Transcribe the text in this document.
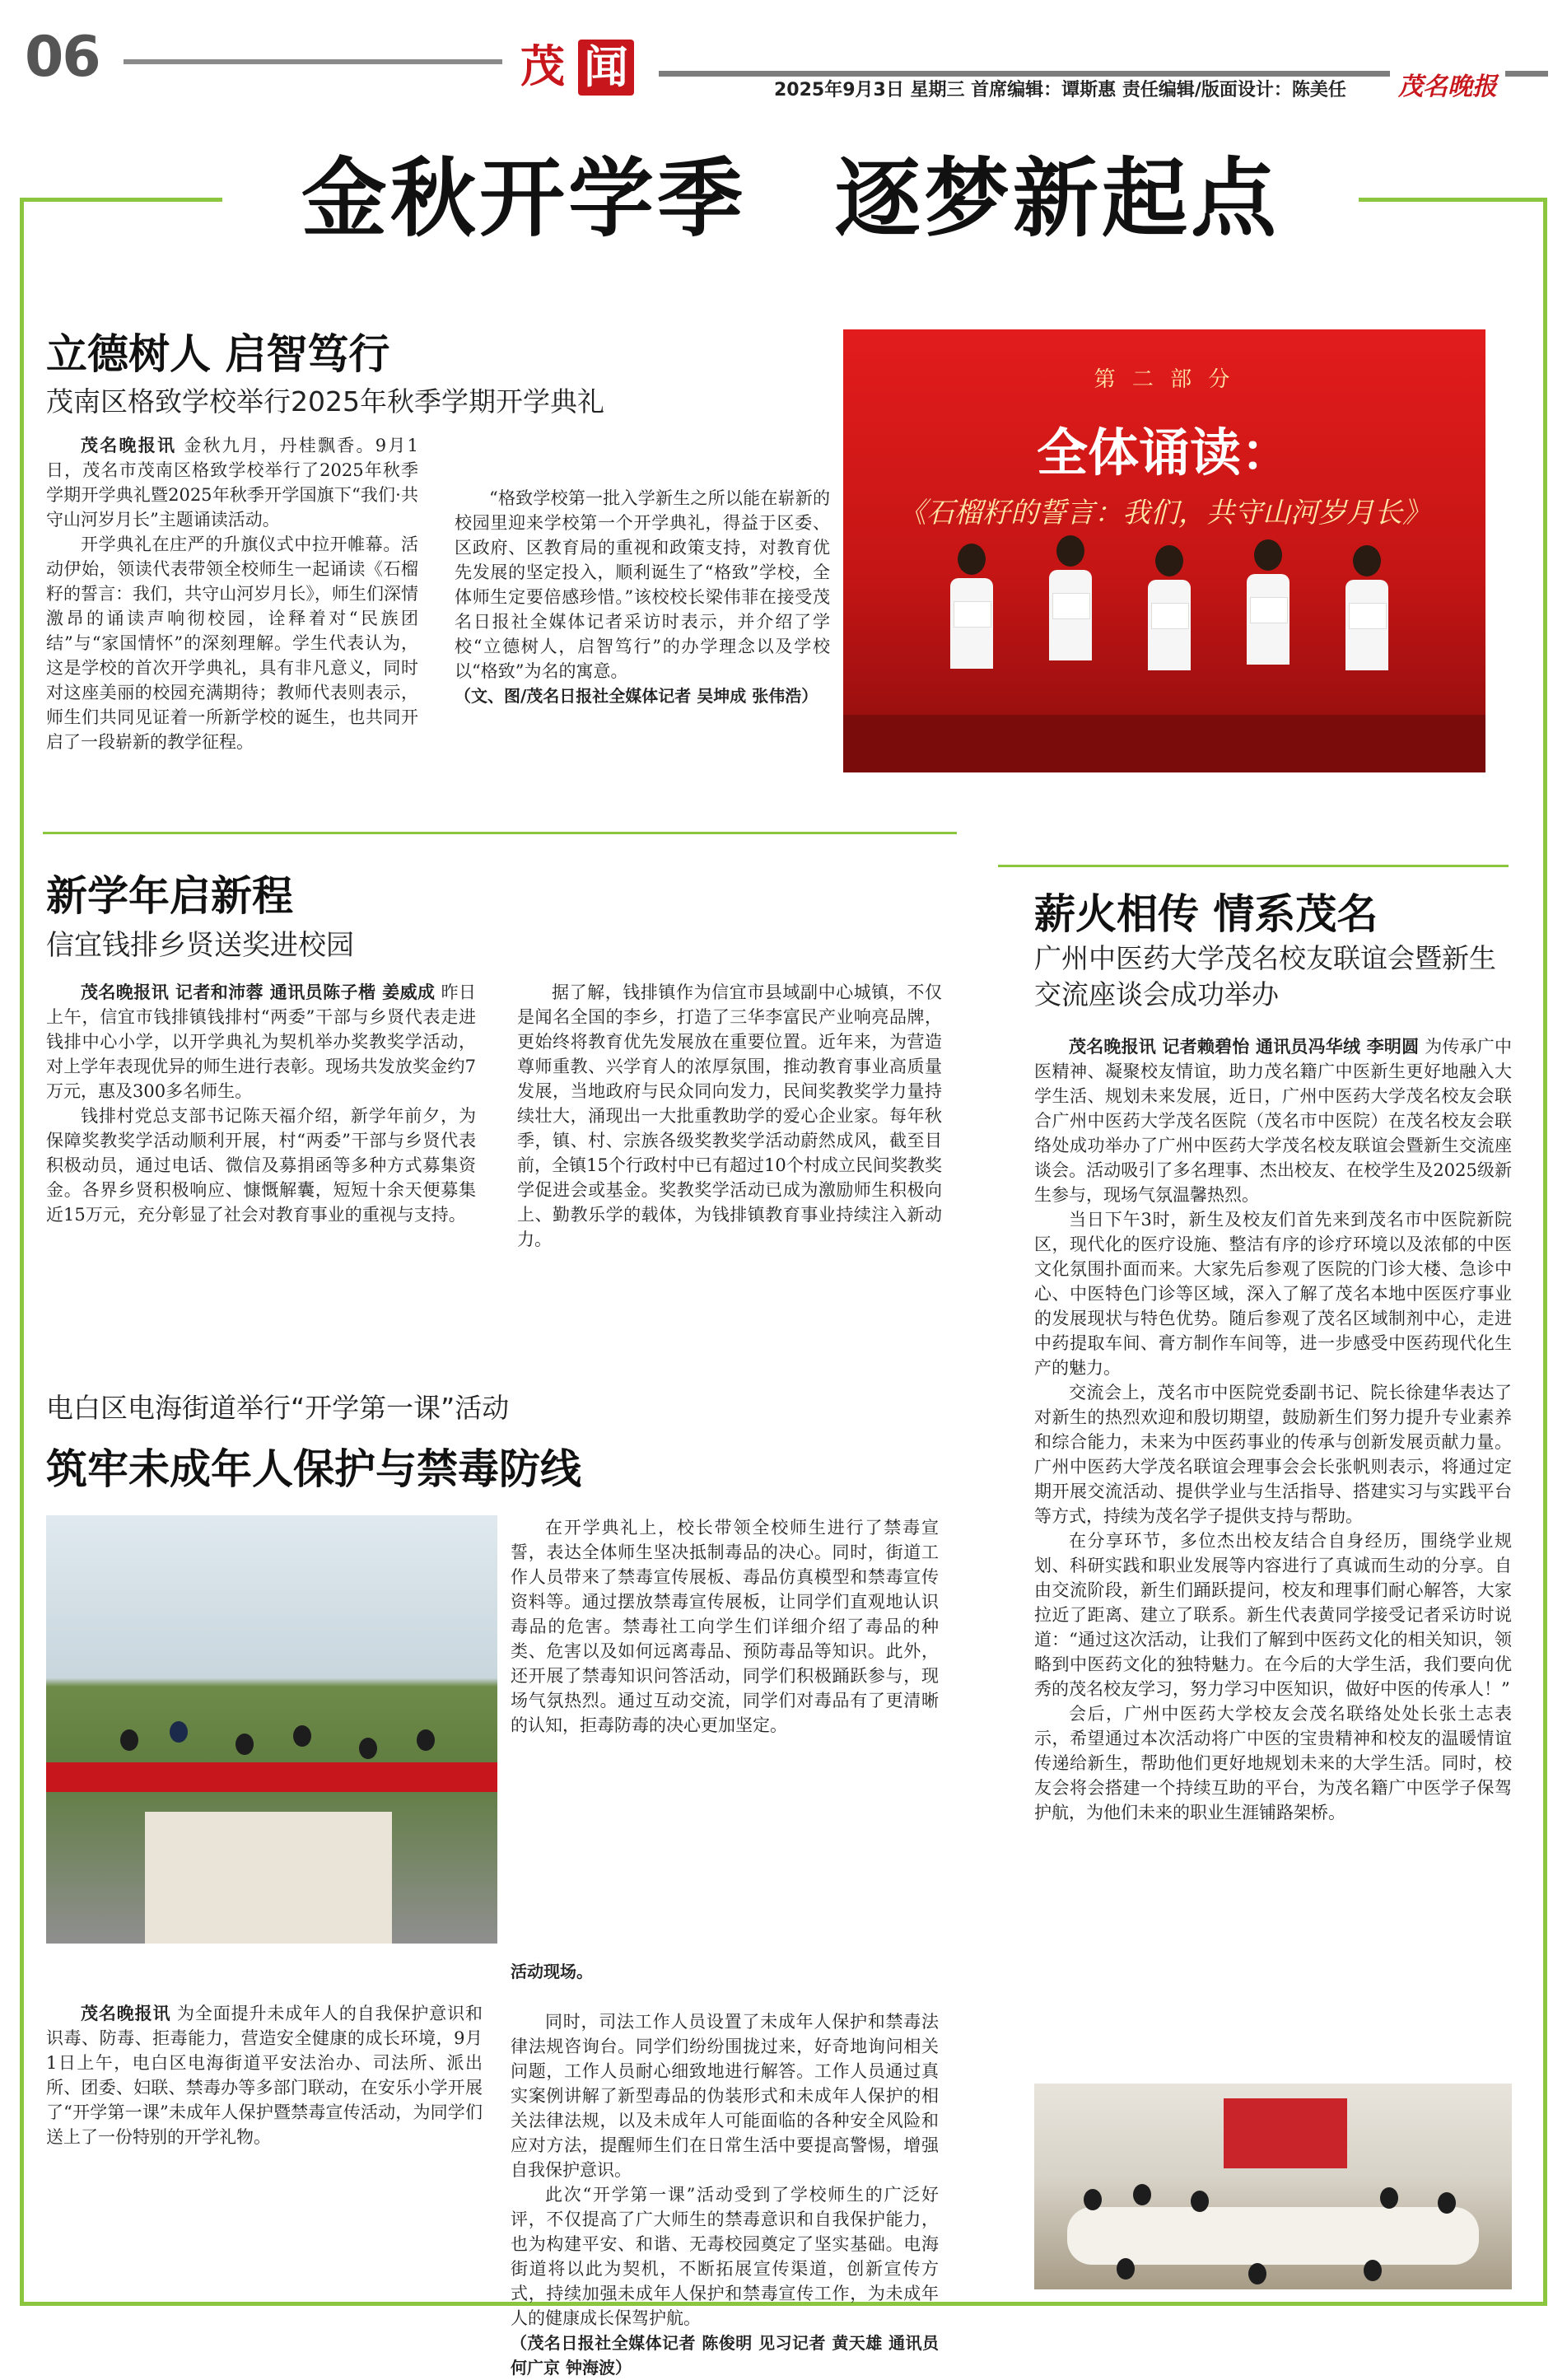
06	茂 闻	2025年9月3日 星期三 首席编辑：谭斯惠 责任编辑/版面设计：陈美任	茂名晚报
金秋开学季　逐梦新起点
立德树人 启智笃行
茂南区格致学校举行2025年秋季学期开学典礼

茂名晚报讯 金秋九月，丹桂飘香。9月1日，茂名市茂南区格致学校举行了2025年秋季学期开学典礼暨2025年秋季开学国旗下“我们·共守山河岁月长”主题诵读活动。

开学典礼在庄严的升旗仪式中拉开帷幕。活动伊始，领读代表带领全校师生一起诵读《石榴籽的誓言：我们，共守山河岁月长》，师生们深情激昂的诵读声响彻校园，诠释着对“民族团结”与“家国情怀”的深刻理解。学生代表认为，这是学校的首次开学典礼，具有非凡意义，同时对这座美丽的校园充满期待；教师代表则表示，师生们共同见证着一所新学校的诞生，也共同开启了一段崭新的教学征程。

“格致学校第一批入学新生之所以能在崭新的校园里迎来学校第一个开学典礼，得益于区委、区政府、区教育局的重视和政策支持，对教育优先发展的坚定投入，顺利诞生了“格致”学校，全体师生定要倍感珍惜。”该校校长梁伟菲在接受茂名日报社全媒体记者采访时表示，并介绍了学校“立德树人，启智笃行”的办学理念以及学校以“格致”为名的寓意。

（文、图/茂名日报社全媒体记者 吴坤成 张伟浩）
第 二 部 分
全体诵读：
《石榴籽的誓言：我们，共守山河岁月长》
新学年启新程
信宜钱排乡贤送奖进校园

茂名晚报讯 记者和沛蓉 通讯员陈子楷 姜威成 昨日上午，信宜市钱排镇钱排村“两委”干部与乡贤代表走进钱排中心小学，以开学典礼为契机举办奖教奖学活动，对上学年表现优异的师生进行表彰。现场共发放奖金约7万元，惠及300多名师生。

钱排村党总支部书记陈天福介绍，新学年前夕，为保障奖教奖学活动顺利开展，村“两委”干部与乡贤代表积极动员，通过电话、微信及募捐函等多种方式募集资金。各界乡贤积极响应、慷慨解囊，短短十余天便募集近15万元，充分彰显了社会对教育事业的重视与支持。

据了解，钱排镇作为信宜市县域副中心城镇，不仅是闻名全国的李乡，打造了三华李富民产业响亮品牌，更始终将教育优先发展放在重要位置。近年来，为营造尊师重教、兴学育人的浓厚氛围，推动教育事业高质量发展，当地政府与民众同向发力，民间奖教奖学力量持续壮大，涌现出一大批重教助学的爱心企业家。每年秋季，镇、村、宗族各级奖教奖学活动蔚然成风，截至目前，全镇15个行政村中已有超过10个村成立民间奖教奖学促进会或基金。奖教奖学活动已成为激励师生积极向上、勤教乐学的载体，为钱排镇教育事业持续注入新动力。

电白区电海街道举行“开学第一课”活动
筑牢未成年人保护与禁毒防线
活动现场。

在开学典礼上，校长带领全校师生进行了禁毒宣誓，表达全体师生坚决抵制毒品的决心。同时，街道工作人员带来了禁毒宣传展板、毒品仿真模型和禁毒宣传资料等。通过摆放禁毒宣传展板，让同学们直观地认识毒品的危害。禁毒社工向学生们详细介绍了毒品的种类、危害以及如何远离毒品、预防毒品等知识。此外，还开展了禁毒知识问答活动，同学们积极踊跃参与，现场气氛热烈。通过互动交流，同学们对毒品有了更清晰的认知，拒毒防毒的决心更加坚定。

茂名晚报讯 为全面提升未成年人的自我保护意识和识毒、防毒、拒毒能力，营造安全健康的成长环境，9月1日上午，电白区电海街道平安法治办、司法所、派出所、团委、妇联、禁毒办等多部门联动，在安乐小学开展了“开学第一课”未成年人保护暨禁毒宣传活动，为同学们送上了一份特别的开学礼物。

同时，司法工作人员设置了未成年人保护和禁毒法律法规咨询台。同学们纷纷围拢过来，好奇地询问相关问题，工作人员耐心细致地进行解答。工作人员通过真实案例讲解了新型毒品的伪装形式和未成年人保护的相关法律法规，以及未成年人可能面临的各种安全风险和应对方法，提醒师生们在日常生活中要提高警惕，增强自我保护意识。

此次“开学第一课”活动受到了学校师生的广泛好评，不仅提高了广大师生的禁毒意识和自我保护能力，也为构建平安、和谐、无毒校园奠定了坚实基础。电海街道将以此为契机，不断拓展宣传渠道，创新宣传方式，持续加强未成年人保护和禁毒宣传工作，为未成年人的健康成长保驾护航。

（茂名日报社全媒体记者 陈俊明 见习记者 黄天雄 通讯员 何广京 钟海波）
薪火相传 情系茂名
广州中医药大学茂名校友联谊会暨新生交流座谈会成功举办

茂名晚报讯 记者赖碧怡 通讯员冯华绒 李明圆 为传承广中医精神、凝聚校友情谊，助力茂名籍广中医新生更好地融入大学生活、规划未来发展，近日，广州中医药大学茂名校友会联合广州中医药大学茂名医院（茂名市中医院）在茂名校友会联络处成功举办了广州中医药大学茂名校友联谊会暨新生交流座谈会。活动吸引了多名理事、杰出校友、在校学生及2025级新生参与，现场气氛温馨热烈。

当日下午3时，新生及校友们首先来到茂名市中医院新院区，现代化的医疗设施、整洁有序的诊疗环境以及浓郁的中医文化氛围扑面而来。大家先后参观了医院的门诊大楼、急诊中心、中医特色门诊等区域，深入了解了茂名本地中医医疗事业的发展现状与特色优势。随后参观了茂名区域制剂中心，走进中药提取车间、膏方制作车间等，进一步感受中医药现代化生产的魅力。

交流会上，茂名市中医院党委副书记、院长徐建华表达了对新生的热烈欢迎和殷切期望，鼓励新生们努力提升专业素养和综合能力，未来为中医药事业的传承与创新发展贡献力量。广州中医药大学茂名联谊会理事会会长张帆则表示，将通过定期开展交流活动、提供学业与生活指导、搭建实习与实践平台等方式，持续为茂名学子提供支持与帮助。

在分享环节，多位杰出校友结合自身经历，围绕学业规划、科研实践和职业发展等内容进行了真诚而生动的分享。自由交流阶段，新生们踊跃提问，校友和理事们耐心解答，大家拉近了距离、建立了联系。新生代表黄同学接受记者采访时说道：“通过这次活动，让我们了解到中医药文化的相关知识，领略到中医药文化的独特魅力。在今后的大学生活，我们要向优秀的茂名校友学习，努力学习中医知识，做好中医的传承人！”

会后，广州中医药大学校友会茂名联络处处长张土志表示，希望通过本次活动将广中医的宝贵精神和校友的温暖情谊传递给新生，帮助他们更好地规划未来的大学生活。同时，校友会将会搭建一个持续互助的平台，为茂名籍广中医学子保驾护航，为他们未来的职业生涯铺路架桥。
